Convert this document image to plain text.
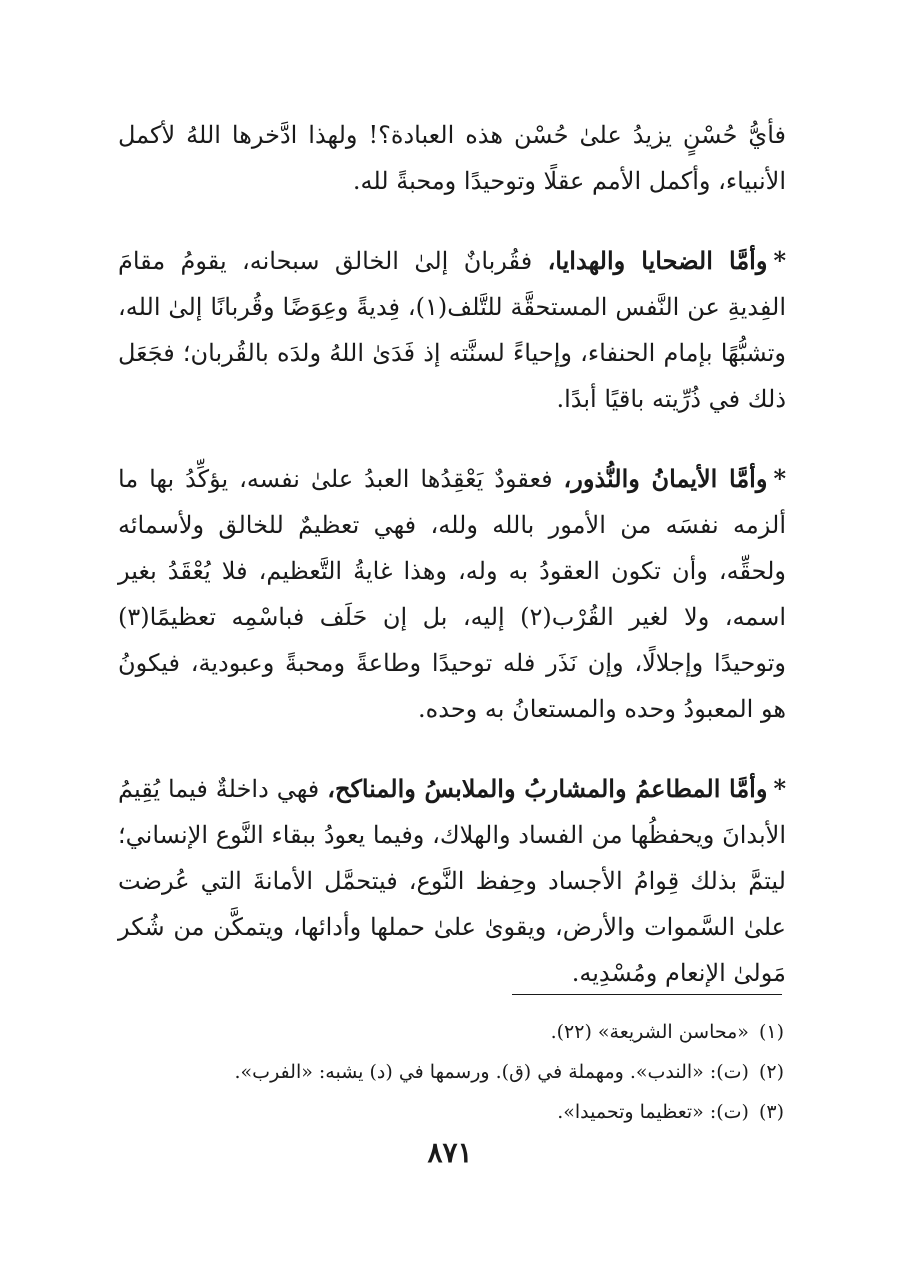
فأيُّ حُسْنٍ يزيدُ علىٰ حُسْن هذه العبادة؟! ولهذا ادَّخرها اللهُ لأكمل الأنبياء، وأكمل الأمم عقلًا وتوحيدًا ومحبةً لله.

*وأمَّا الضحايا والهدايا، فقُربانٌ إلىٰ الخالق سبحانه، يقومُ مقامَ الفِديةِ عن النَّفس المستحقَّة للتَّلف(١)، فِديةً وعِوَضًا وقُربانًا إلىٰ الله، وتشبُّهًا بإمام الحنفاء، وإحياءً لسنَّته إذ فَدَىٰ اللهُ ولدَه بالقُربان؛ فجَعَل ذلك في ذُرِّيته باقيًا أبدًا.

*وأمَّا الأيمانُ والنُّذور، فعقودٌ يَعْقِدُها العبدُ علىٰ نفسه، يؤكِّدُ بها ما ألزمه نفسَه من الأمور بالله ولله، فهي تعظيمٌ للخالق ولأسمائه ولحقِّه، وأن تكون العقودُ به وله، وهذا غايةُ التَّعظيم، فلا يُعْقَدُ بغير اسمه، ولا لغير القُرْب(٢) إليه، بل إن حَلَف فباسْمِه تعظيمًا(٣) وتوحيدًا وإجلالًا، وإن نَذَر فله توحيدًا وطاعةً ومحبةً وعبودية، فيكونُ هو المعبودُ وحده والمستعانُ به وحده.

*وأمَّا المطاعمُ والمشاربُ والملابسُ والمناكح، فهي داخلةٌ فيما يُقِيمُ الأبدانَ ويحفظُها من الفساد والهلاك، وفيما يعودُ ببقاء النَّوع الإنساني؛ ليتمَّ بذلك قِوامُ الأجساد وحِفظ النَّوع، فيتحمَّل الأمانةَ التي عُرضت علىٰ السَّموات والأرض، ويقوىٰ علىٰ حملها وأدائها، ويتمكَّن من شُكر مَولىٰ الإنعام ومُسْدِيه.

(١)«محاسن الشريعة» (٢٢).

(٢)(ت): «الندب». ومهملة في (ق). ورسمها في (د) يشبه: «الفرب».

(٣)(ت): «تعظيما وتحميدا».

٨٧١
